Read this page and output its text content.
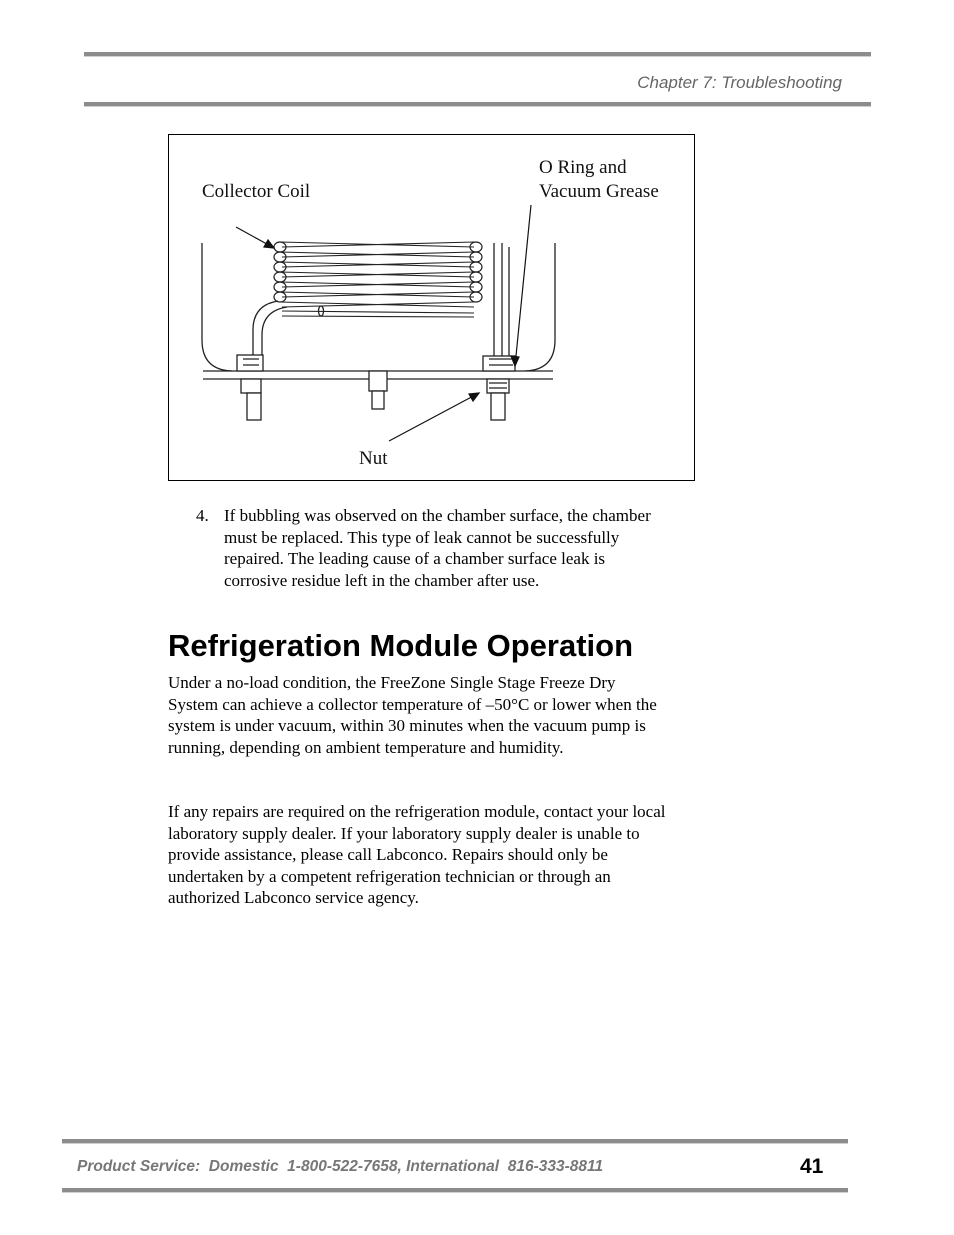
Chapter 7: Troubleshooting
Collector Coil
O Ring and
Vacuum Grease
Nut
4. If bubbling was observed on the chamber surface, the chamber must be replaced. This type of leak cannot be successfully repaired. The leading cause of a chamber surface leak is corrosive residue left in the chamber after use.
Refrigeration Module Operation

Under a no-load condition, the FreeZone Single Stage Freeze Dry System can achieve a collector temperature of –50°C or lower when the system is under vacuum, within 30 minutes when the vacuum pump is running, depending on ambient temperature and humidity.

If any repairs are required on the refrigeration module, contact your local laboratory supply dealer. If your laboratory supply dealer is unable to provide assistance, please call Labconco. Repairs should only be undertaken by a competent refrigeration technician or through an authorized Labconco service agency.

Product Service:  Domestic  1-800-522-7658, International  816-333-8811	41
